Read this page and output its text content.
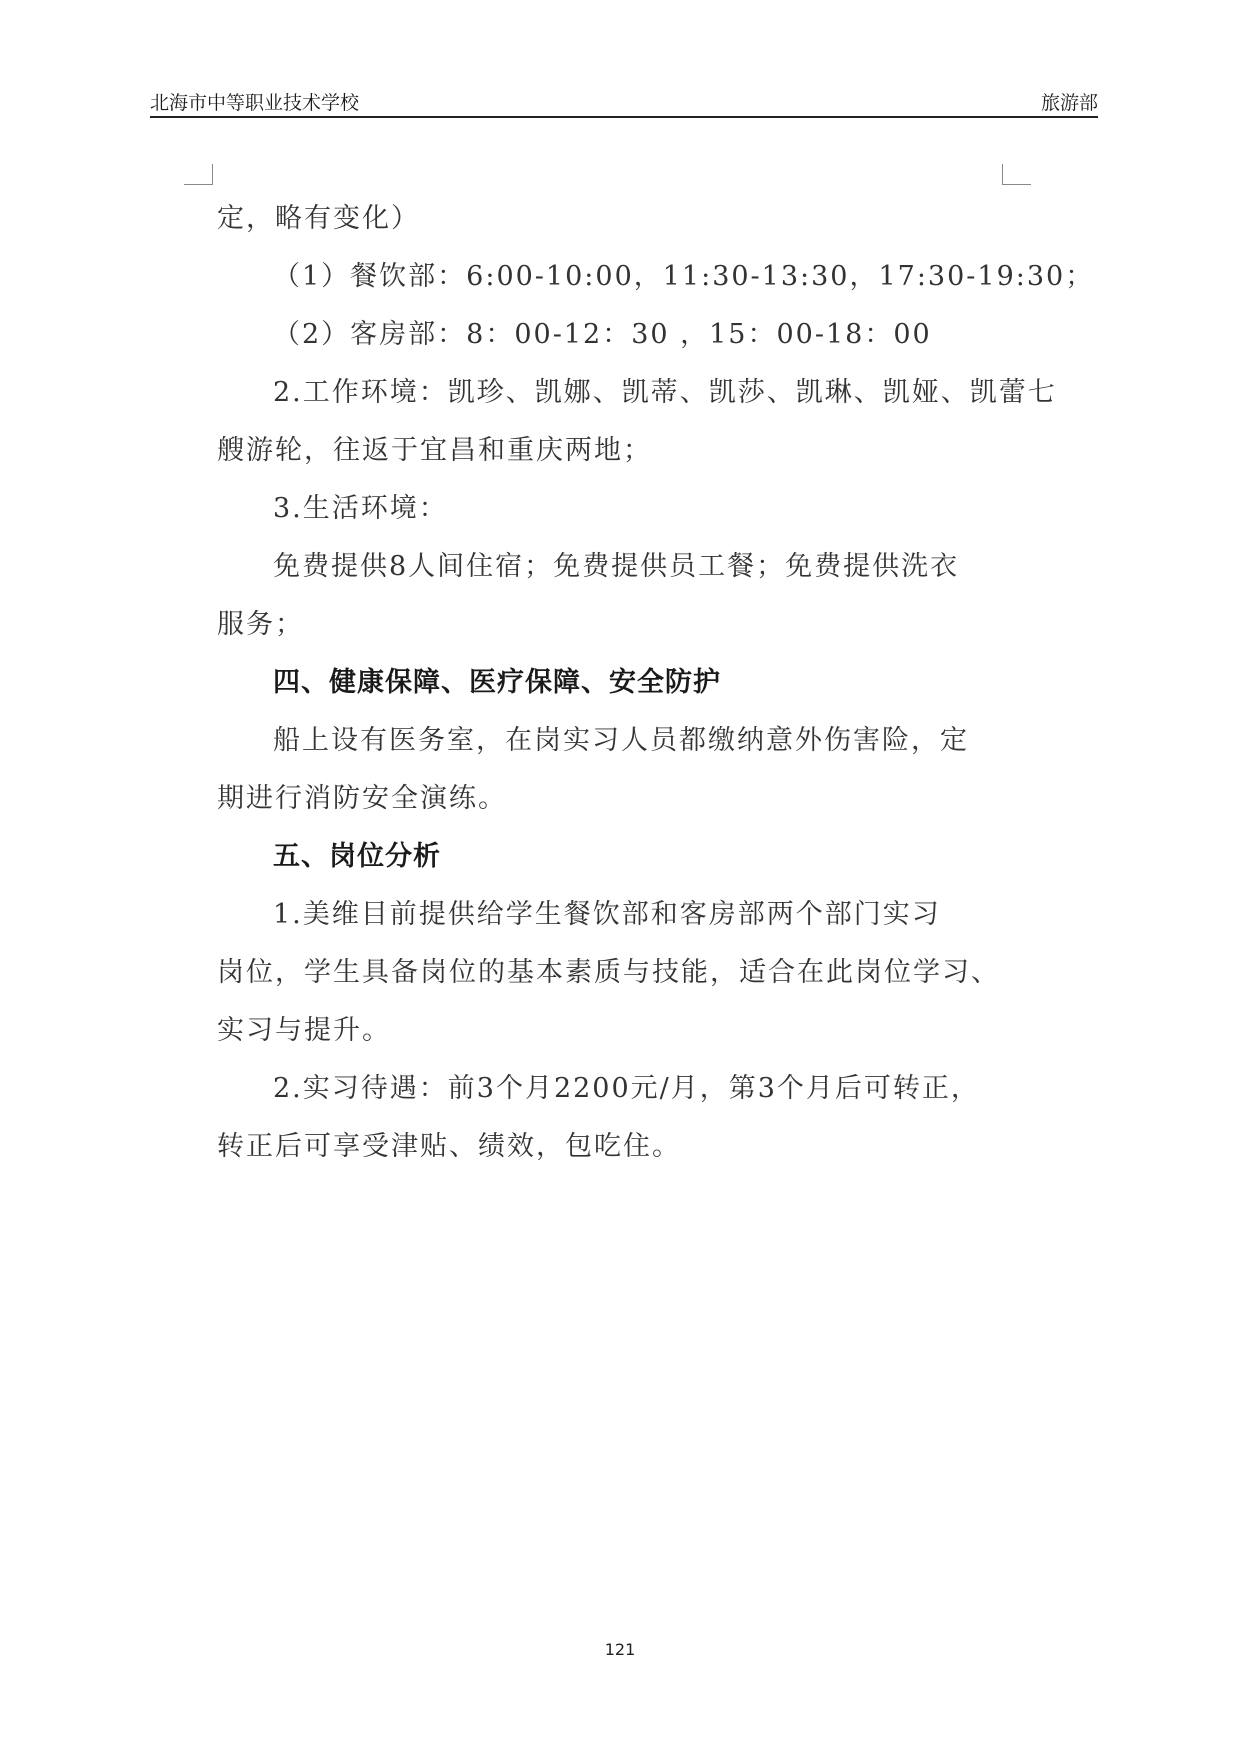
北海市中等职业技术学校	旅游部
定，略有变化）
（1）餐饮部：6:00-10:00，11:30-13:30，17:30-19:30；
（2）客房部：8：00-12：30 ，15：00-18：00
2.工作环境：凯珍、凯娜、凯蒂、凯莎、凯琳、凯娅、凯蕾七
艘游轮，往返于宜昌和重庆两地；
3.生活环境：
免费提供8人间住宿；免费提供员工餐；免费提供洗衣
服务；
四、健康保障、医疗保障、安全防护
船上设有医务室，在岗实习人员都缴纳意外伤害险，定
期进行消防安全演练。
五、岗位分析
1.美维目前提供给学生餐饮部和客房部两个部门实习
岗位，学生具备岗位的基本素质与技能，适合在此岗位学习、
实习与提升。
2.实习待遇：前3个月2200元/月，第3个月后可转正，
转正后可享受津贴、绩效，包吃住。
121
